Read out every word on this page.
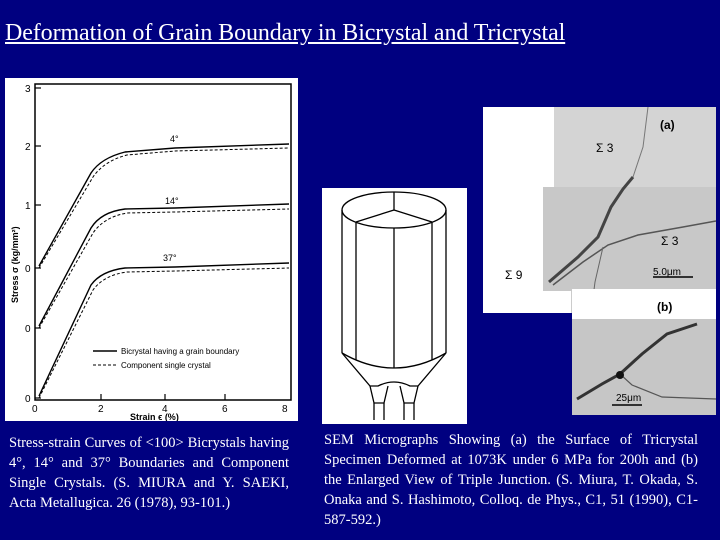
Deformation of Grain Boundary in Bicrystal and Tricrystal
3
2
1
0
0
0
0	2	4	6	8
Strain ϵ (%)
Stress σ (kg/mm²)
4°
14°
37°
Bicrystal having a grain boundary
Component single crystal
(a)
Σ 3
Σ 3
Σ 9	5.0μm
(b)
25μm
Stress-strain Curves of <100> Bicrystals having 4°, 14° and 37° Boundaries and Component Single Crystals. (S. MIURA and Y. SAEKI, Acta Metallugica. 26 (1978), 93-101.)
SEM Micrographs Showing (a) the Surface of Tricrystal Specimen Deformed at 1073K under 6 MPa for 200h and (b) the Enlarged View of Triple Junction. (S. Miura, T. Okada, S. Onaka and S. Hashimoto, Colloq. de Phys., C1, 51 (1990), C1-587-592.)
